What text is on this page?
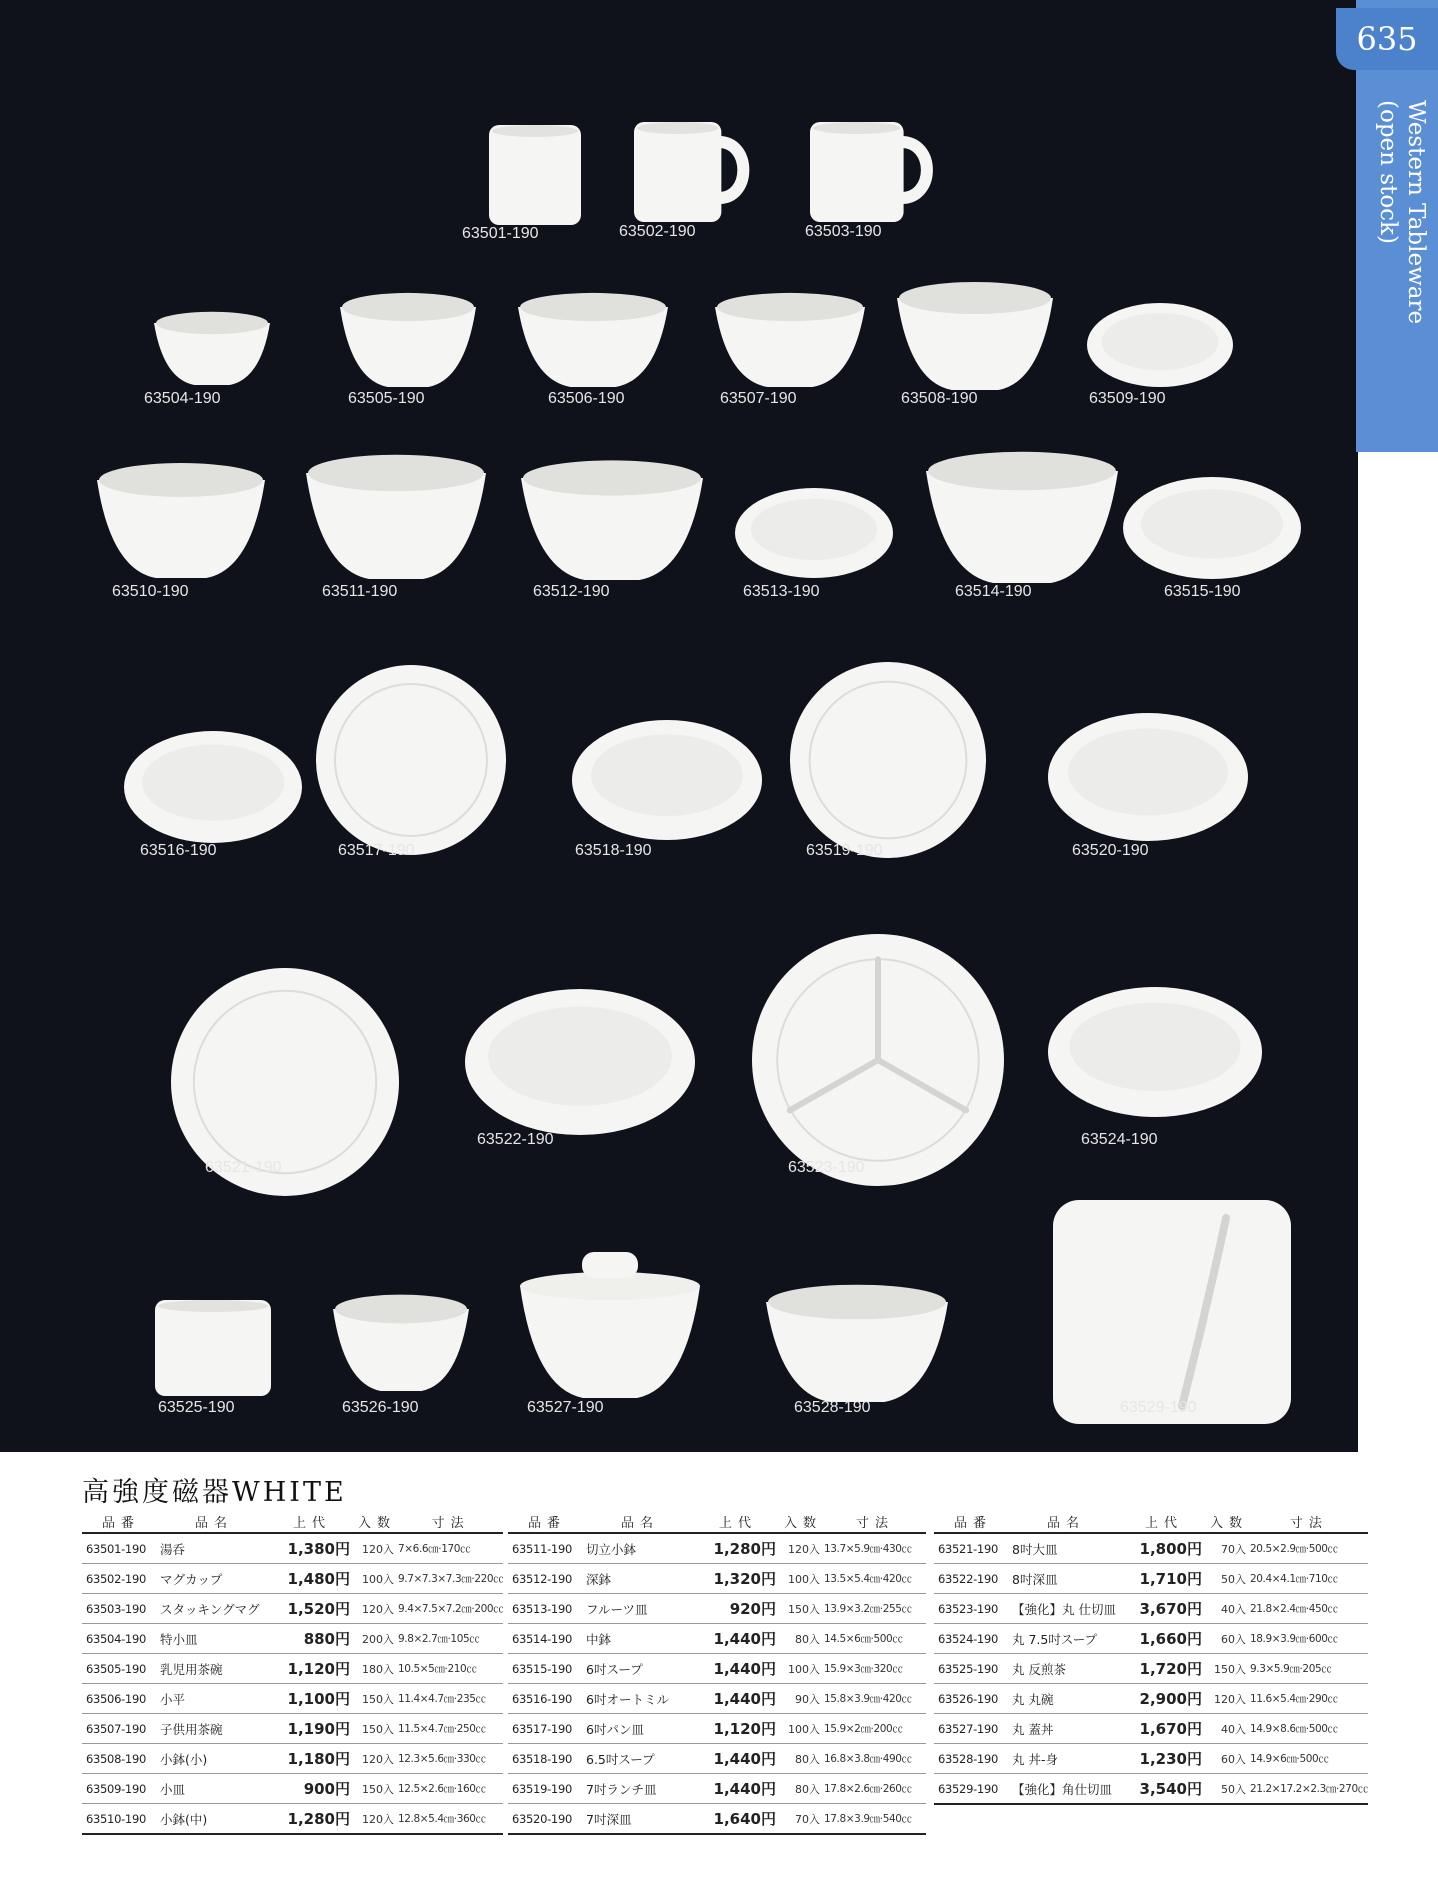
63501-190	63502-190	63503-190
63504-190	63505-190	63506-190	63507-190	63508-190	63509-190
63510-190	63511-190	63512-190	63513-190	63514-190	63515-190
63516-190	63517-190	63518-190	63519-190	63520-190
63521-190
63522-190
63523-190
63524-190
63525-190	63526-190	63527-190	63528-190	63529-190
635
Western Tableware
(open stock)
高強度磁器WHITE
品番	品名	上代	入数	寸法
63501-190	湯呑	1,380円	120入	7×6.6㎝·170㏄
63502-190	マグカップ	1,480円	100入	9.7×7.3×7.3㎝·220㏄
63503-190	スタッキングマグ	1,520円	120入	9.4×7.5×7.2㎝·200㏄
63504-190	特小皿	880円	200入	9.8×2.7㎝·105㏄
63505-190	乳児用茶碗	1,120円	180入	10.5×5㎝·210㏄
63506-190	小平	1,100円	150入	11.4×4.7㎝·235㏄
63507-190	子供用茶碗	1,190円	150入	11.5×4.7㎝·250㏄
63508-190	小鉢(小)	1,180円	120入	12.3×5.6㎝·330㏄
63509-190	小皿	900円	150入	12.5×2.6㎝·160㏄
63510-190	小鉢(中)	1,280円	120入	12.8×5.4㎝·360㏄
品番	品名	上代	入数	寸法
63511-190	切立小鉢	1,280円	120入	13.7×5.9㎝·430㏄
63512-190	深鉢	1,320円	100入	13.5×5.4㎝·420㏄
63513-190	フルーツ皿	920円	150入	13.9×3.2㎝·255㏄
63514-190	中鉢	1,440円	80入	14.5×6㎝·500㏄
63515-190	6吋スープ	1,440円	100入	15.9×3㎝·320㏄
63516-190	6吋オートミル	1,440円	90入	15.8×3.9㎝·420㏄
63517-190	6吋パン皿	1,120円	100入	15.9×2㎝·200㏄
63518-190	6.5吋スープ	1,440円	80入	16.8×3.8㎝·490㏄
63519-190	7吋ランチ皿	1,440円	80入	17.8×2.6㎝·260㏄
63520-190	7吋深皿	1,640円	70入	17.8×3.9㎝·540㏄
品番	品名	上代	入数	寸法
63521-190	8吋大皿	1,800円	70入	20.5×2.9㎝·500㏄
63522-190	8吋深皿	1,710円	50入	20.4×4.1㎝·710㏄
63523-190	【強化】丸 仕切皿	3,670円	40入	21.8×2.4㎝·450㏄
63524-190	丸 7.5吋スープ	1,660円	60入	18.9×3.9㎝·600㏄
63525-190	丸 反煎茶	1,720円	150入	9.3×5.9㎝·205㏄
63526-190	丸 丸碗	2,900円	120入	11.6×5.4㎝·290㏄
63527-190	丸 蓋丼	1,670円	40入	14.9×8.6㎝·500㏄
63528-190	丸 丼-身	1,230円	60入	14.9×6㎝·500㏄
63529-190	【強化】角仕切皿	3,540円	50入	21.2×17.2×2.3㎝·270㏄
